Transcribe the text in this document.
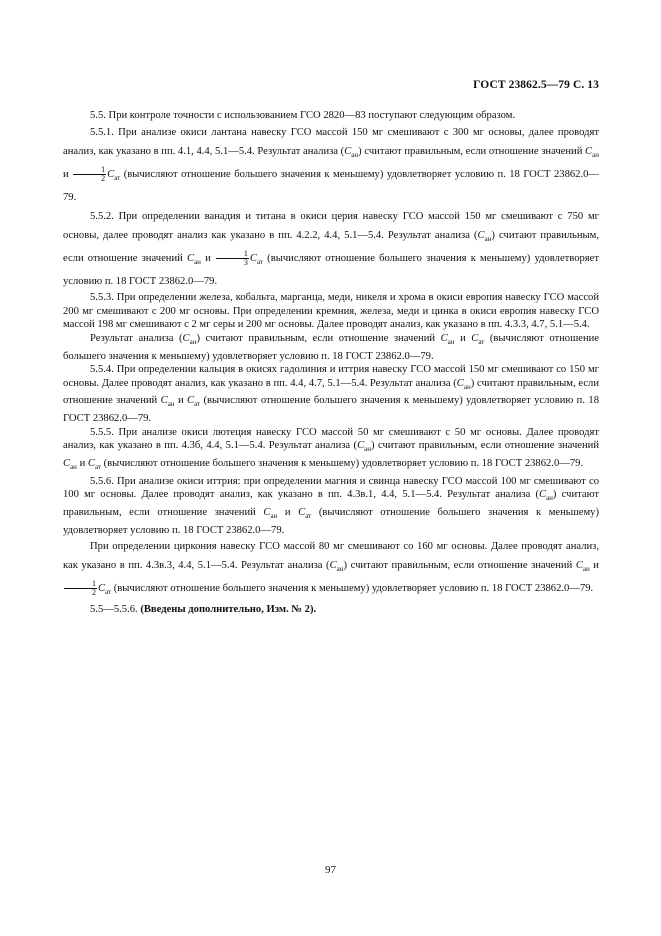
ГОСТ 23862.5—79 С. 13

5.5. При контроле точности с использованием ГСО 2820—83 поступают следующим образом.

5.5.1. При анализе окиси лантана навеску ГСО массой 150 мг смешивают с 300 мг основы, далее проводят анализ, как указано в пп. 4.1, 4.4, 5.1—5.4. Результат анализа $(C_{ан})$ считают правильным, если отношение значений $C_{ан}$ и $\frac{1}{2} C_{ат}$ (вычисляют отношение большего значения к меньшему) удовлетворяет условию п. 18 ГОСТ 23862.0—79.

5.5.2. При определении ванадия и титана в окиси церия навеску ГСО массой 150 мг смешивают с 750 мг основы, далее проводят анализ как указано в пп. 4.2.2, 4.4, 5.1—5.4. Результат анализа $(C_{ан})$ считают правильным, если отношение значений $C_{ан}$ и $\frac{1}{3} C_{ат}$ (вычисляют отношение большего значения к меньшему) удовлетворяет условию п. 18 ГОСТ 23862.0—79.

5.5.3. При определении железа, кобальта, марганца, меди, никеля и хрома в окиси европия навеску ГСО массой 200 мг смешивают с 200 мг основы. При определении кремния, железа, меди и цинка в окиси европия навеску ГСО массой 198 мг смешивают с 2 мг серы и 200 мг основы. Далее проводят анализ, как указано в пп. 4.3.3, 4.7, 5.1—5.4.

Результат анализа $(C_{ан})$ считают правильным, если отношение значений $C_{ан}$ и $C_{ат}$ (вычисляют отношение большего значения к меньшему) удовлетворяет условию п. 18 ГОСТ 23862.0—79.

5.5.4. При определении кальция в окисях гадолиния и иттрия навеску ГСО массой 150 мг смешивают со 150 мг основы. Далее проводят анализ, как указано в пп. 4.4, 4.7, 5.1—5.4. Результат анализа $(C_{ан})$ считают правильным, если отношение значений $C_{ан}$ и $C_{ат}$ (вычисляют отношение большего значения к меньшему) удовлетворяет условию п. 18 ГОСТ 23862.0—79.

5.5.5. При анализе окиси лютеция навеску ГСО массой 50 мг смешивают с 50 мг основы. Далее проводят анализ, как указано в пп. 4.3б, 4.4, 5.1—5.4. Результат анализа $(C_{ан})$ считают правильным, если отношение значений $C_{ан}$ и $C_{ат}$ (вычисляют отношение большего значения к меньшему) удовлетворяет условию п. 18 ГОСТ 23862.0—79.

5.5.6. При анализе окиси иттрия: при определении магния и свинца навеску ГСО массой 100 мг смешивают со 100 мг основы. Далее проводят анализ, как указано в пп. 4.3в.1, 4.4, 5.1—5.4. Результат анализа $(C_{ан})$ считают правильным, если отношение значений $C_{ан}$ и $C_{ат}$ (вычисляют отношение большего значения к меньшему) удовлетворяет условию п. 18 ГОСТ 23862.0—79.

При определении циркония навеску ГСО массой 80 мг смешивают со 160 мг основы. Далее проводят анализ, как указано в пп. 4.3в.3, 4.4, 5.1—5.4. Результат анализа $(C_{ан})$ считают правильным, если отношение значений $C_{ан}$ и
$\frac{1}{2} C_{ат}$ (вычисляют отношение большего значения к меньшему) удовлетворяет условию п. 18 ГОСТ 23862.0—79.

5.5—5.5.6. (Введены дополнительно, Изм. № 2).

97
